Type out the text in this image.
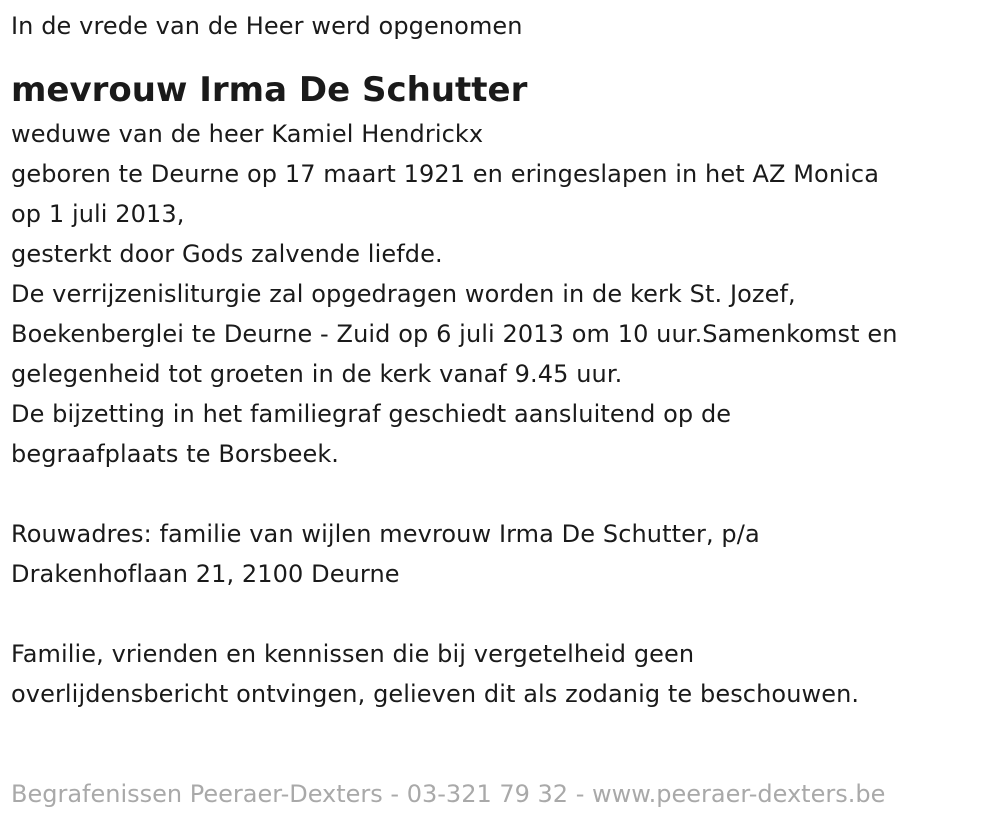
In de vrede van de Heer werd opgenomen
mevrouw Irma De Schutter
weduwe van de heer Kamiel Hendrickx
geboren te Deurne op 17 maart 1921 en eringeslapen in het AZ Monica
op 1 juli 2013,
gesterkt door Gods zalvende liefde.
De verrijzenisliturgie zal opgedragen worden in de kerk St. Jozef,
Boekenberglei te Deurne - Zuid op 6 juli 2013 om 10 uur.Samenkomst en
gelegenheid tot groeten in de kerk vanaf 9.45 uur.
De bijzetting in het familiegraf geschiedt aansluitend op de
begraafplaats te Borsbeek.
Rouwadres: familie van wijlen mevrouw Irma De Schutter, p/a
Drakenhoflaan 21, 2100 Deurne
Familie, vrienden en kennissen die bij vergetelheid geen
overlijdensbericht ontvingen, gelieven dit als zodanig te beschouwen.
Begrafenissen Peeraer-Dexters - 03-321 79 32 - www.peeraer-dexters.be
